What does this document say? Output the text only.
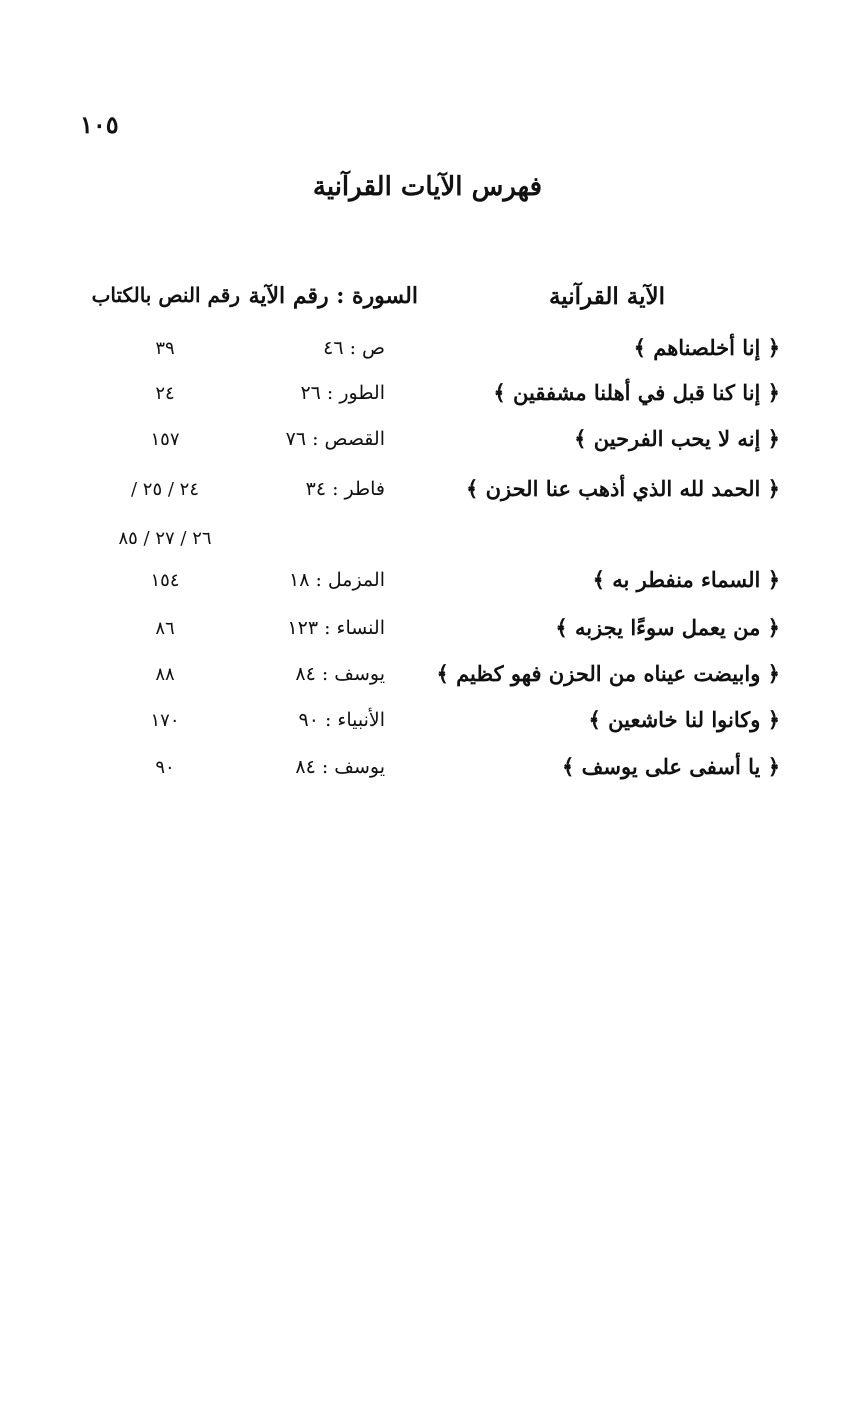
١٠٥
فهرس الآيات القرآنية
الآية القرآنية
السورة : رقم الآية
رقم النص بالكتاب
﴿ إنا أخلصناهم ﴾
ص : ٤٦
٣٩
﴿ إنا كنا قبل في أهلنا مشفقين ﴾
الطور : ٢٦
٢٤
﴿ إنه لا يحب الفرحين ﴾
القصص : ٧٦
١٥٧
﴿ الحمد لله الذي أذهب عنا الحزن ﴾
فاطر : ٣٤
٢٤ / ٢٥ /
٢٦ / ٢٧ / ٨٥
﴿ السماء منفطر به ﴾
المزمل : ١٨
١٥٤
﴿ من يعمل سوءًا يجزبه ﴾
النساء : ١٢٣
٨٦
﴿ وابيضت عيناه من الحزن فهو كظيم ﴾
يوسف : ٨٤
٨٨
﴿ وكانوا لنا خاشعين ﴾
الأنبياء : ٩٠
١٧٠
﴿ يا أسفى على يوسف ﴾
يوسف : ٨٤
٩٠
